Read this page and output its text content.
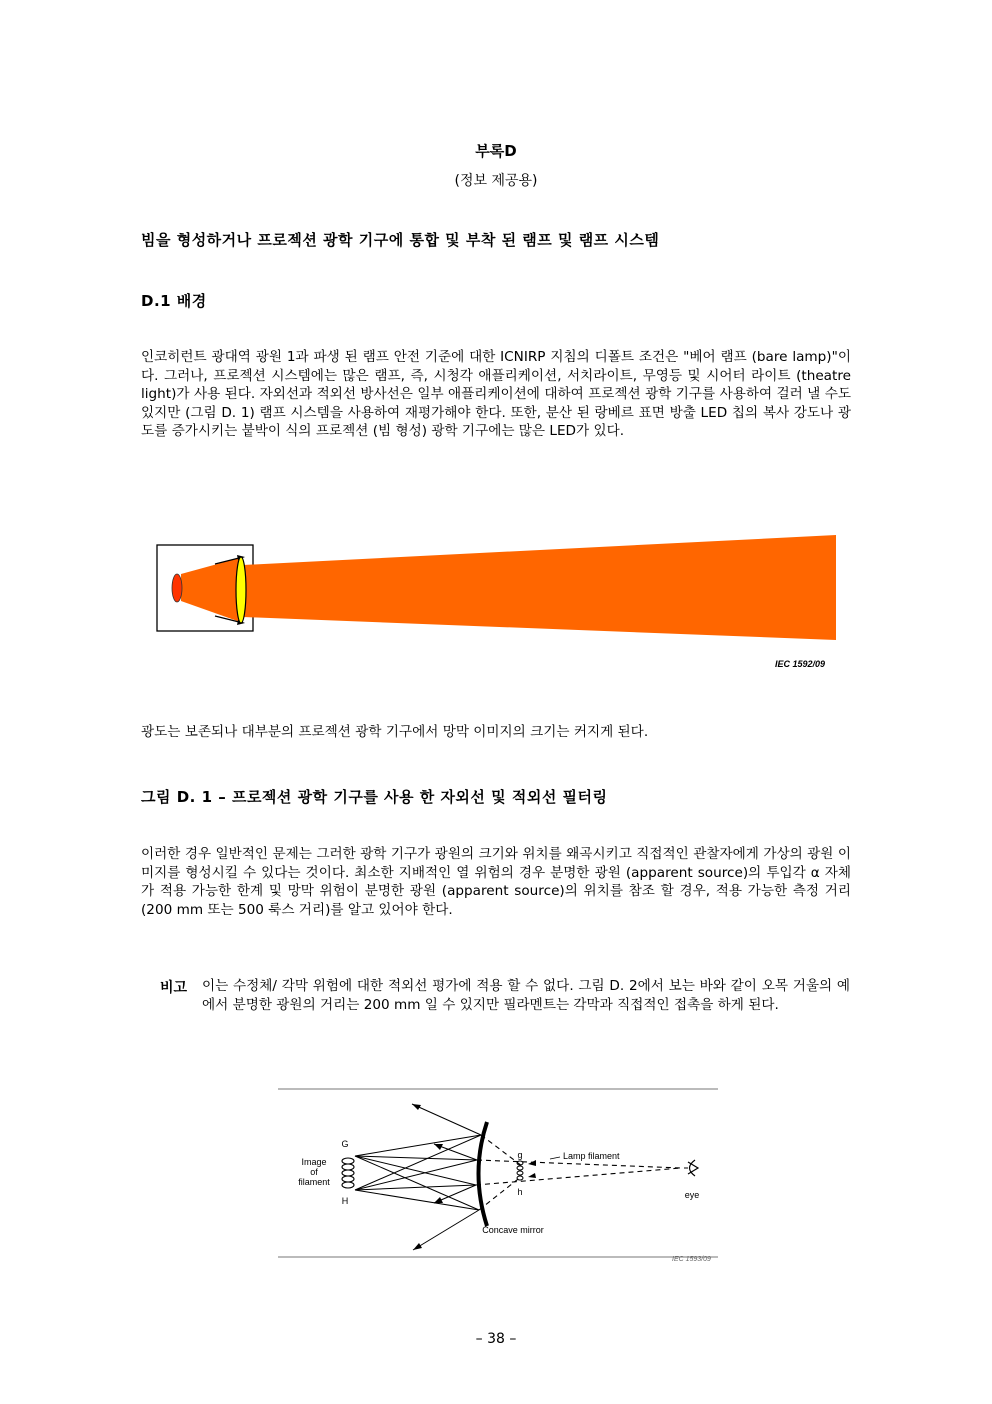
부록D
(정보 제공용)
빔을 형성하거나 프로젝션 광학 기구에 통합 및 부착 된 램프 및 램프 시스템
D.1 배경
인코히런트 광대역 광원 1과 파생 된 램프 안전 기준에 대한 ICNIRP 지침의 디폴트 조건은 "베어 램프 (bare lamp)"이다. 그러나, 프로젝션 시스템에는 많은 램프, 즉, 시청각 애플리케이션, 서치라이트, 무영등 및 시어터 라이트 (theatre light)가 사용 된다. 자외선과 적외선 방사선은 일부 애플리케이션에 대하여 프로젝션 광학 기구를 사용하여 걸러 낼 수도 있지만 (그림 D. 1) 램프 시스템을 사용하여 재평가해야 한다. 또한, 분산 된 랑베르 표면 방출 LED 칩의 복사 강도나 광도를 증가시키는 붙박이 식의 프로젝션 (빔 형성) 광학 기구에는 많은 LED가 있다.
IEC 1592/09
광도는 보존되나 대부분의 프로젝션 광학 기구에서 망막 이미지의 크기는 커지게 된다.
그림 D. 1 – 프로젝션 광학 기구를 사용 한 자외선 및 적외선 필터링
이러한 경우 일반적인 문제는 그러한 광학 기구가 광원의 크기와 위치를 왜곡시키고 직접적인 관찰자에게 가상의 광원 이미지를 형성시킬 수 있다는 것이다. 최소한 지배적인 열 위험의 경우 분명한 광원 (apparent source)의 투입각 α 자체가 적용 가능한 한계 및 망막 위험이 분명한 광원 (apparent source)의 위치를 참조 할 경우, 적용 가능한 측정 거리 (200 mm 또는 500 룩스 거리)를 알고 있어야 한다.
비고 이는 수정체/ 각막 위험에 대한 적외선 평가에 적용 할 수 없다. 그림 D. 2에서 보는 바와 같이 오목 거울의 예에서 분명한 광원의 거리는 200 mm 일 수 있지만 필라멘트는 각막과 직접적인 접촉을 하게 된다.
Image
of
filament
G
H
g
h
Lamp filament
eye
Concave mirror
IEC 1593/09
– 38 –
